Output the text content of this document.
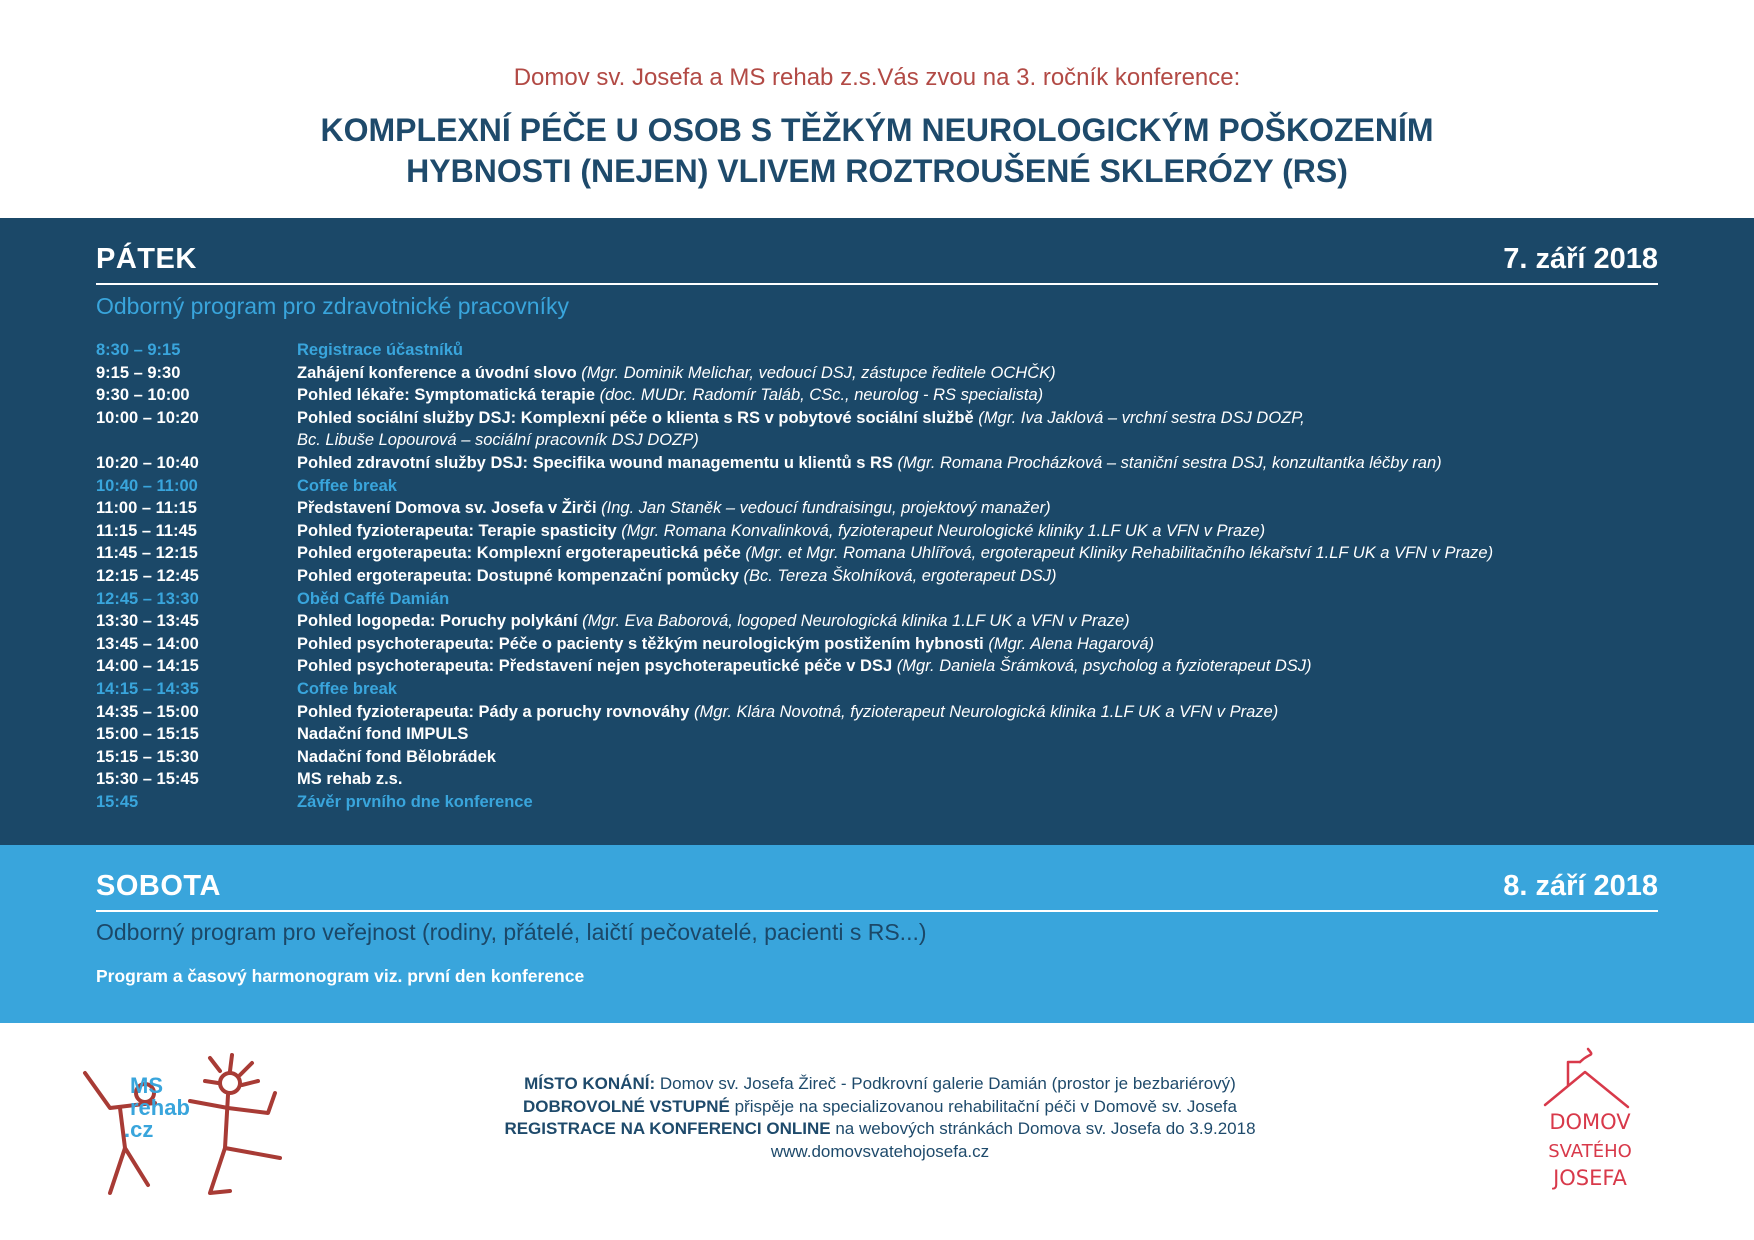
Domov sv. Josefa a MS rehab z.s.Vás zvou na 3. ročník konference:
KOMPLEXNÍ PÉČE U OSOB S TĚŽKÝM NEUROLOGICKÝM POŠKOZENÍM
HYBNOSTI (NEJEN) VLIVEM ROZTROUŠENÉ SKLERÓZY (RS)
PÁTEK	7. září 2018
Odborný program pro zdravotnické pracovníky
8:30 – 9:15	Registrace účastníků
9:15 – 9:30	Zahájení konference a úvodní slovo (Mgr. Dominik Melichar, vedoucí DSJ, zástupce ředitele OCHČK)
9:30 – 10:00	Pohled lékaře: Symptomatická terapie (doc. MUDr. Radomír Taláb, CSc., neurolog - RS specialista)
10:00 – 10:20	Pohled sociální služby DSJ: Komplexní péče o klienta s RS v pobytové sociální službě (Mgr. Iva Jaklová – vrchní sestra DSJ DOZP,
Bc. Libuše Lopourová – sociální pracovník DSJ DOZP)
10:20 – 10:40	Pohled zdravotní služby DSJ: Specifika wound managementu u klientů s RS (Mgr. Romana Procházková – staniční sestra DSJ, konzultantka léčby ran)
10:40 – 11:00	Coffee break
11:00 – 11:15	Představení Domova sv. Josefa v Žirči (Ing. Jan Staněk – vedoucí fundraisingu, projektový manažer)
11:15 – 11:45	Pohled fyzioterapeuta: Terapie spasticity (Mgr. Romana Konvalinková, fyzioterapeut Neurologické kliniky 1.LF UK a VFN v Praze)
11:45 – 12:15	Pohled ergoterapeuta: Komplexní ergoterapeutická péče (Mgr. et Mgr. Romana Uhlířová, ergoterapeut Kliniky Rehabilitačního lékařství 1.LF UK a VFN v Praze)
12:15 – 12:45	Pohled ergoterapeuta: Dostupné kompenzační pomůcky (Bc. Tereza Školníková, ergoterapeut DSJ)
12:45 – 13:30	Oběd Caffé Damián
13:30 – 13:45	Pohled logopeda: Poruchy polykání (Mgr. Eva Baborová, logoped Neurologická klinika 1.LF UK a VFN v Praze)
13:45 – 14:00	Pohled psychoterapeuta: Péče o pacienty s těžkým neurologickým postižením hybnosti (Mgr. Alena Hagarová)
14:00 – 14:15	Pohled psychoterapeuta: Představení nejen psychoterapeutické péče v DSJ (Mgr. Daniela Šrámková, psycholog a fyzioterapeut DSJ)
14:15 – 14:35	Coffee break
14:35 – 15:00	Pohled fyzioterapeuta: Pády a poruchy rovnováhy (Mgr. Klára Novotná, fyzioterapeut Neurologická klinika 1.LF UK a VFN v Praze)
15:00 – 15:15	Nadační fond IMPULS
15:15 – 15:30	Nadační fond Bělobrádek
15:30 – 15:45	MS rehab z.s.
15:45	Závěr prvního dne konference
SOBOTA	8. září 2018
Odborný program pro veřejnost (rodiny, přátelé, laičtí pečovatelé, pacienti s RS...)
Program a časový harmonogram viz. první den konference
MS
rehab
.cz
MÍSTO KONÁNÍ: Domov sv. Josefa Žireč - Podkrovní galerie Damián (prostor je bezbariérový)
DOBROVOLNÉ VSTUPNÉ přispěje na specializovanou rehabilitační péči v Domově sv. Josefa
REGISTRACE NA KONFERENCI ONLINE na webových stránkách Domova sv. Josefa do 3.9.2018
www.domovsvatehojosefa.cz
DOMOV
SVATÉHO
JOSEFA
